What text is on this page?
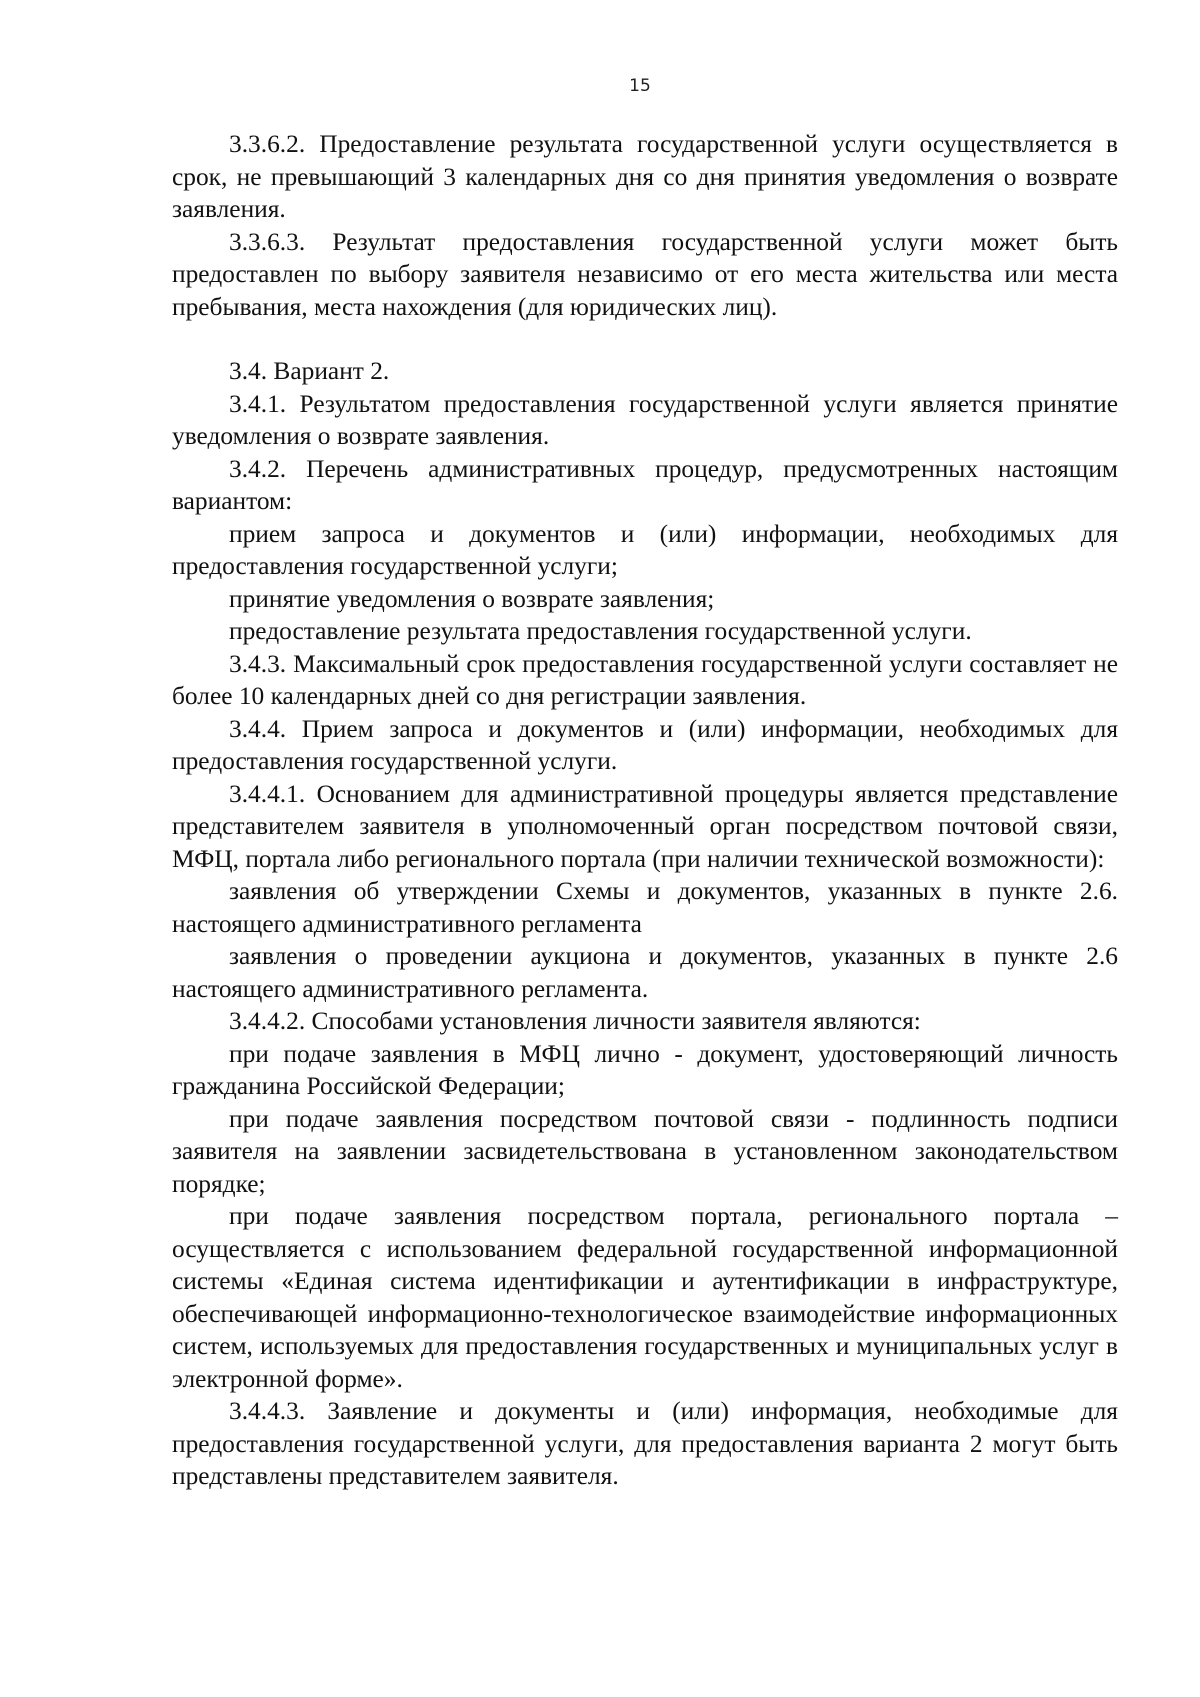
15

3.3.6.2. Предоставление результата государственной услуги осуществляется в срок, не превышающий 3 календарных дня со дня принятия уведомления о возврате заявления.

3.3.6.3. Результат предоставления государственной услуги может быть предоставлен по выбору заявителя независимо от его места жительства или места пребывания, места нахождения (для юридических лиц).

3.4. Вариант 2.

3.4.1. Результатом предоставления государственной услуги является принятие уведомления о возврате заявления.

3.4.2. Перечень административных процедур, предусмотренных настоящим вариантом:

прием запроса и документов и (или) информации, необходимых для предоставления государственной услуги;

принятие уведомления о возврате заявления;

предоставление результата предоставления государственной услуги.

3.4.3. Максимальный срок предоставления государственной услуги составляет не более 10 календарных дней со дня регистрации заявления.

3.4.4. Прием запроса и документов и (или) информации, необходимых для предоставления государственной услуги.

3.4.4.1. Основанием для административной процедуры является представление представителем заявителя в уполномоченный орган посредством почтовой связи, МФЦ, портала либо регионального портала (при наличии технической возможности):

заявления об утверждении Схемы и документов, указанных в пункте 2.6. настоящего административного регламента

заявления о проведении аукциона и документов, указанных в пункте 2.6 настоящего административного регламента.

3.4.4.2. Способами установления личности заявителя являются:

при подаче заявления в МФЦ лично - документ, удостоверяющий личность гражданина Российской Федерации;

при подаче заявления посредством почтовой связи - подлинность подписи заявителя на заявлении засвидетельствована в установленном законодательством порядке;

при подаче заявления посредством портала, регионального портала – осуществляется с использованием федеральной государственной информационной системы «Единая система идентификации и аутентификации в инфраструктуре, обеспечивающей информационно-технологическое взаимодействие информационных систем, используемых для предоставления государственных и муниципальных услуг в электронной форме».

3.4.4.3. Заявление и документы и (или) информация, необходимые для предоставления государственной услуги, для предоставления варианта 2 могут быть представлены представителем заявителя.
